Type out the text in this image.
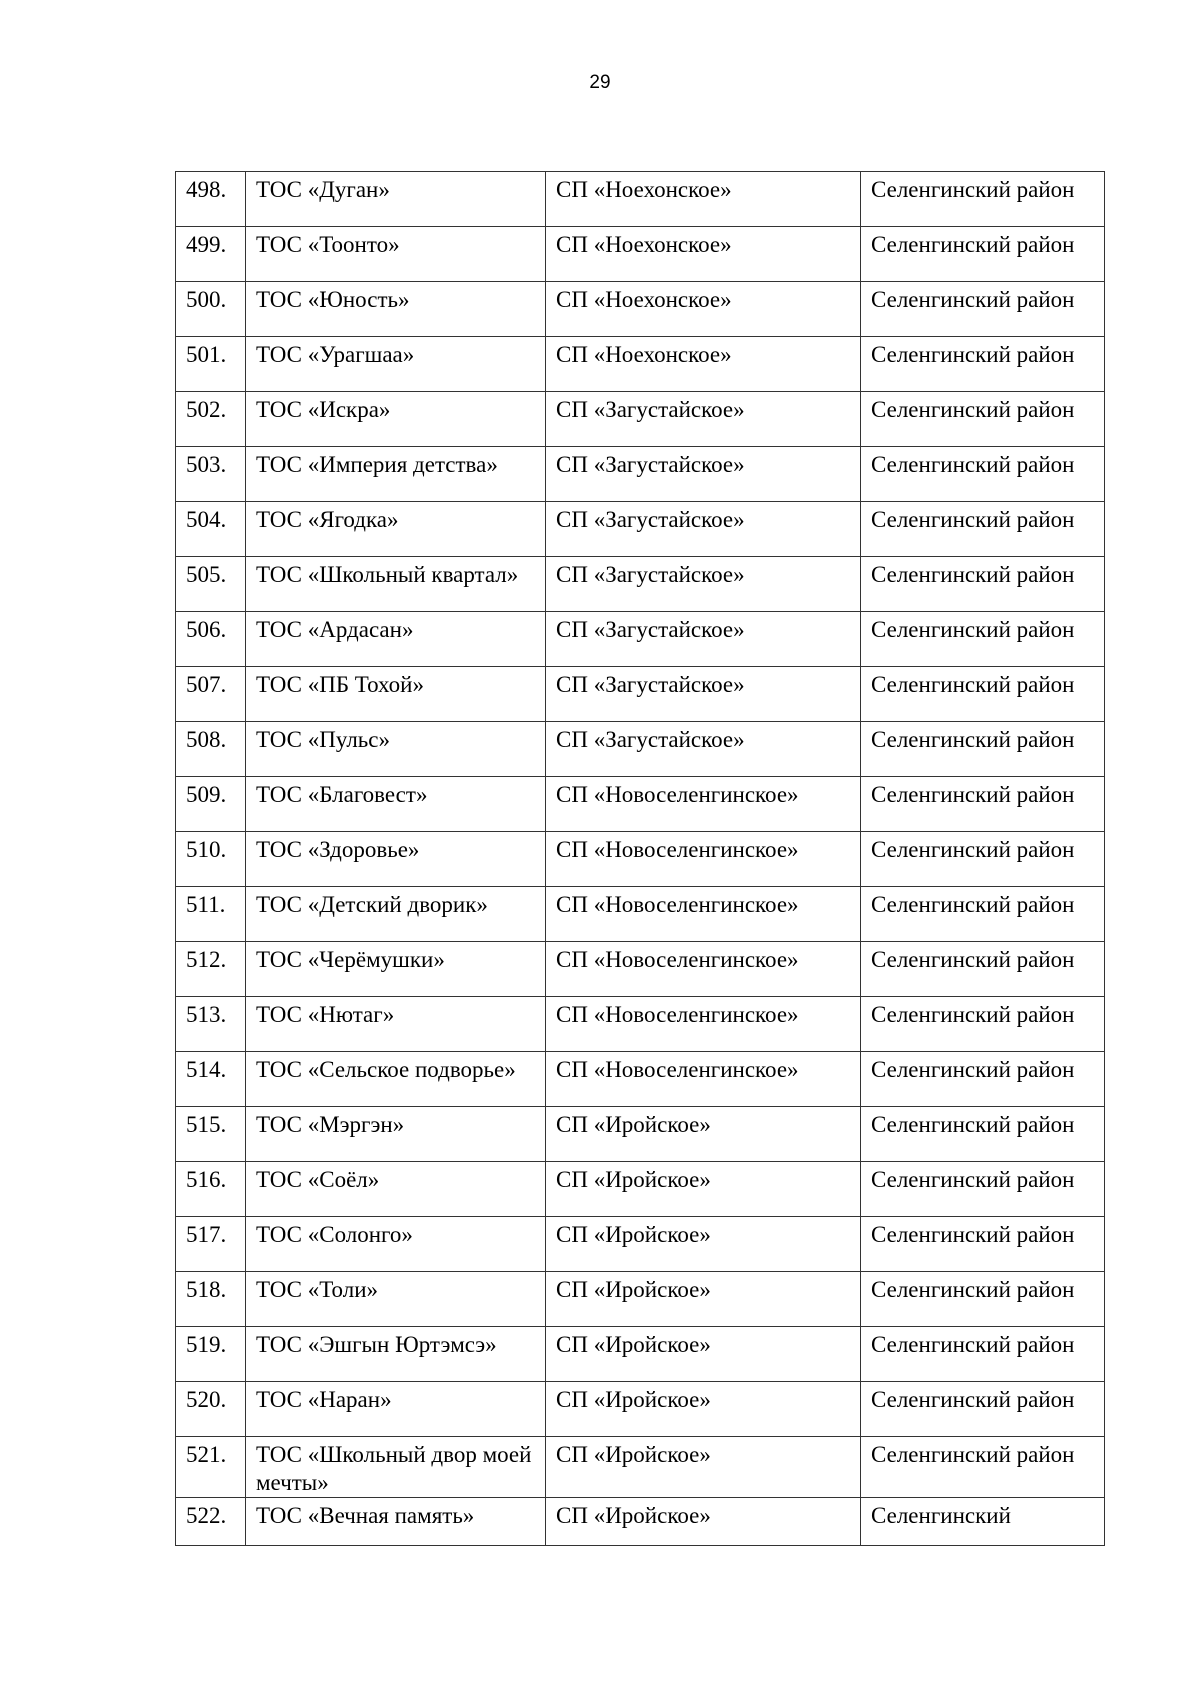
29
498.	ТОС «Дуган»	СП «Ноехонское»	Селенгинский район
499.	ТОС «Тоонто»	СП «Ноехонское»	Селенгинский район
500.	ТОС «Юность»	СП «Ноехонское»	Селенгинский район
501.	ТОС «Урагшаа»	СП «Ноехонское»	Селенгинский район
502.	ТОС «Искра»	СП «Загустайское»	Селенгинский район
503.	ТОС «Империя детства»	СП «Загустайское»	Селенгинский район
504.	ТОС «Ягодка»	СП «Загустайское»	Селенгинский район
505.	ТОС «Школьный квартал»	СП «Загустайское»	Селенгинский район
506.	ТОС «Ардасан»	СП «Загустайское»	Селенгинский район
507.	ТОС «ПБ Тохой»	СП «Загустайское»	Селенгинский район
508.	ТОС «Пульс»	СП «Загустайское»	Селенгинский район
509.	ТОС «Благовест»	СП «Новоселенгинское»	Селенгинский район
510.	ТОС «Здоровье»	СП «Новоселенгинское»	Селенгинский район
511.	ТОС «Детский дворик»	СП «Новоселенгинское»	Селенгинский район
512.	ТОС «Черёмушки»	СП «Новоселенгинское»	Селенгинский район
513.	ТОС «Нютаг»	СП «Новоселенгинское»	Селенгинский район
514.	ТОС «Сельское подворье»	СП «Новоселенгинское»	Селенгинский район
515.	ТОС «Мэргэн»	СП «Иройское»	Селенгинский район
516.	ТОС «Соёл»	СП «Иройское»	Селенгинский район
517.	ТОС «Солонго»	СП «Иройское»	Селенгинский район
518.	ТОС «Толи»	СП «Иройское»	Селенгинский район
519.	ТОС «Эшгын Юртэмсэ»	СП «Иройское»	Селенгинский район
520.	ТОС «Наран»	СП «Иройское»	Селенгинский район
521.	ТОС «Школьный двор моей мечты»	СП «Иройское»	Селенгинский район
522.	ТОС «Вечная память»	СП «Иройское»	Селенгинский
